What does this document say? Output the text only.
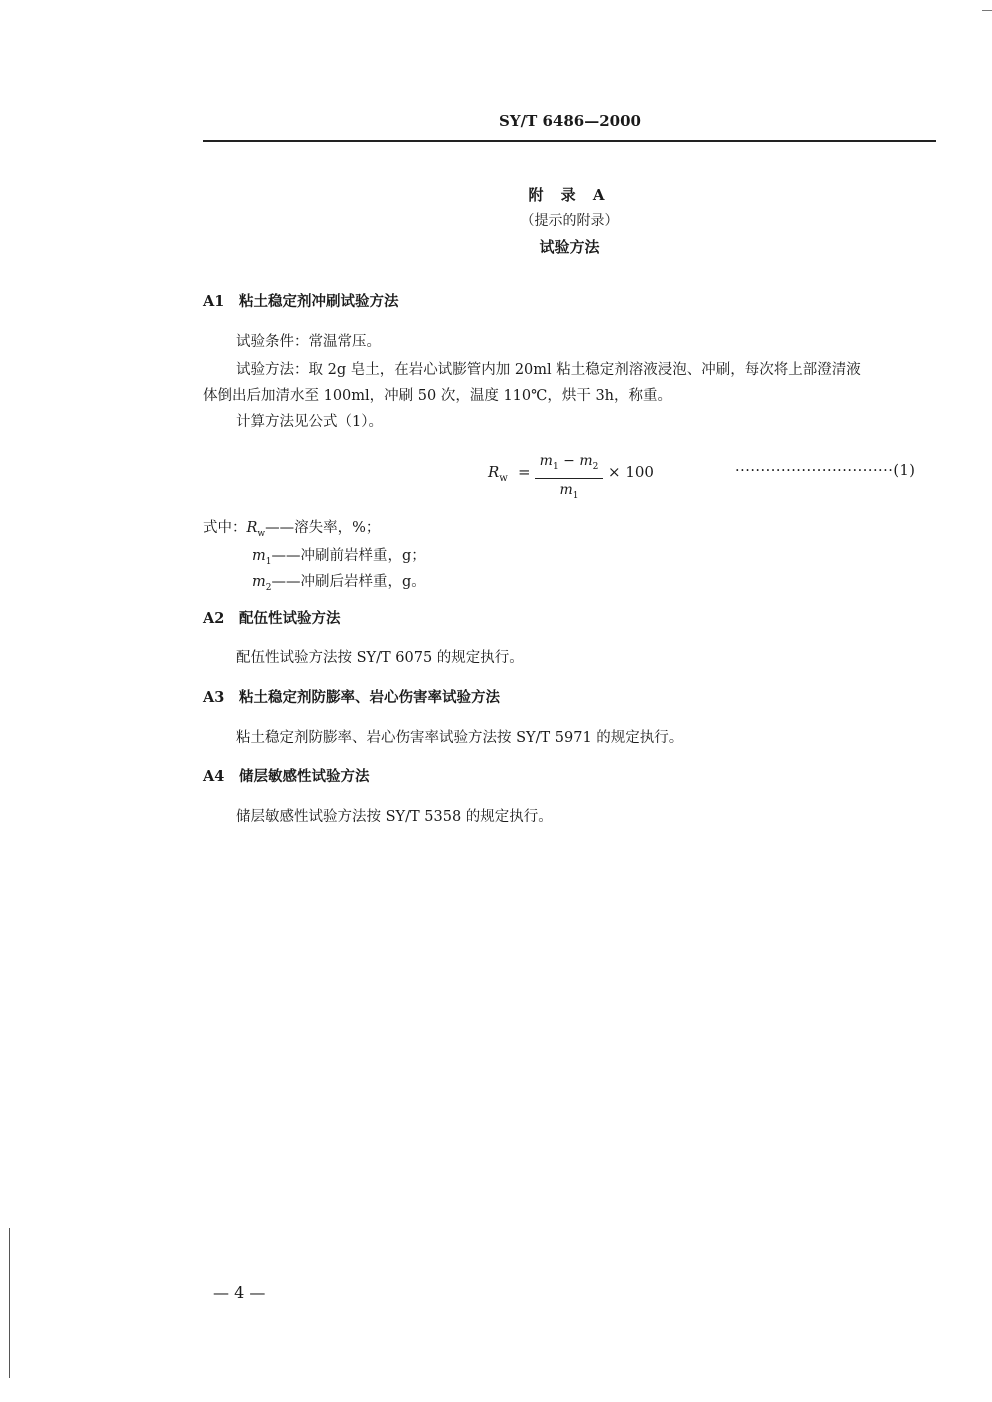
SY/T 6486—2000
附 录 A
（提示的附录）
试验方法
A1 粘土稳定剂冲刷试验方法
试验条件：常温常压。
试验方法：取 2g 皂土，在岩心试膨管内加 20ml 粘土稳定剂溶液浸泡、冲刷，每次将上部澄清液
体倒出后加清水至 100ml，冲刷 50 次，温度 110℃，烘干 3h，称重。
计算方法见公式（1）。
$R_w$ =
$m_1 - m_2$
$m_1$
× 100	·······························(1)
式中：$R_w——$溶失率，%；
$m_1——$冲刷前岩样重，g；
$m_2——$冲刷后岩样重，g。
A2 配伍性试验方法
配伍性试验方法按 SY/T 6075 的规定执行。
A3 粘土稳定剂防膨率、岩心伤害率试验方法
粘土稳定剂防膨率、岩心伤害率试验方法按 SY/T 5971 的规定执行。
A4 储层敏感性试验方法
储层敏感性试验方法按 SY/T 5358 的规定执行。
— 4 —
